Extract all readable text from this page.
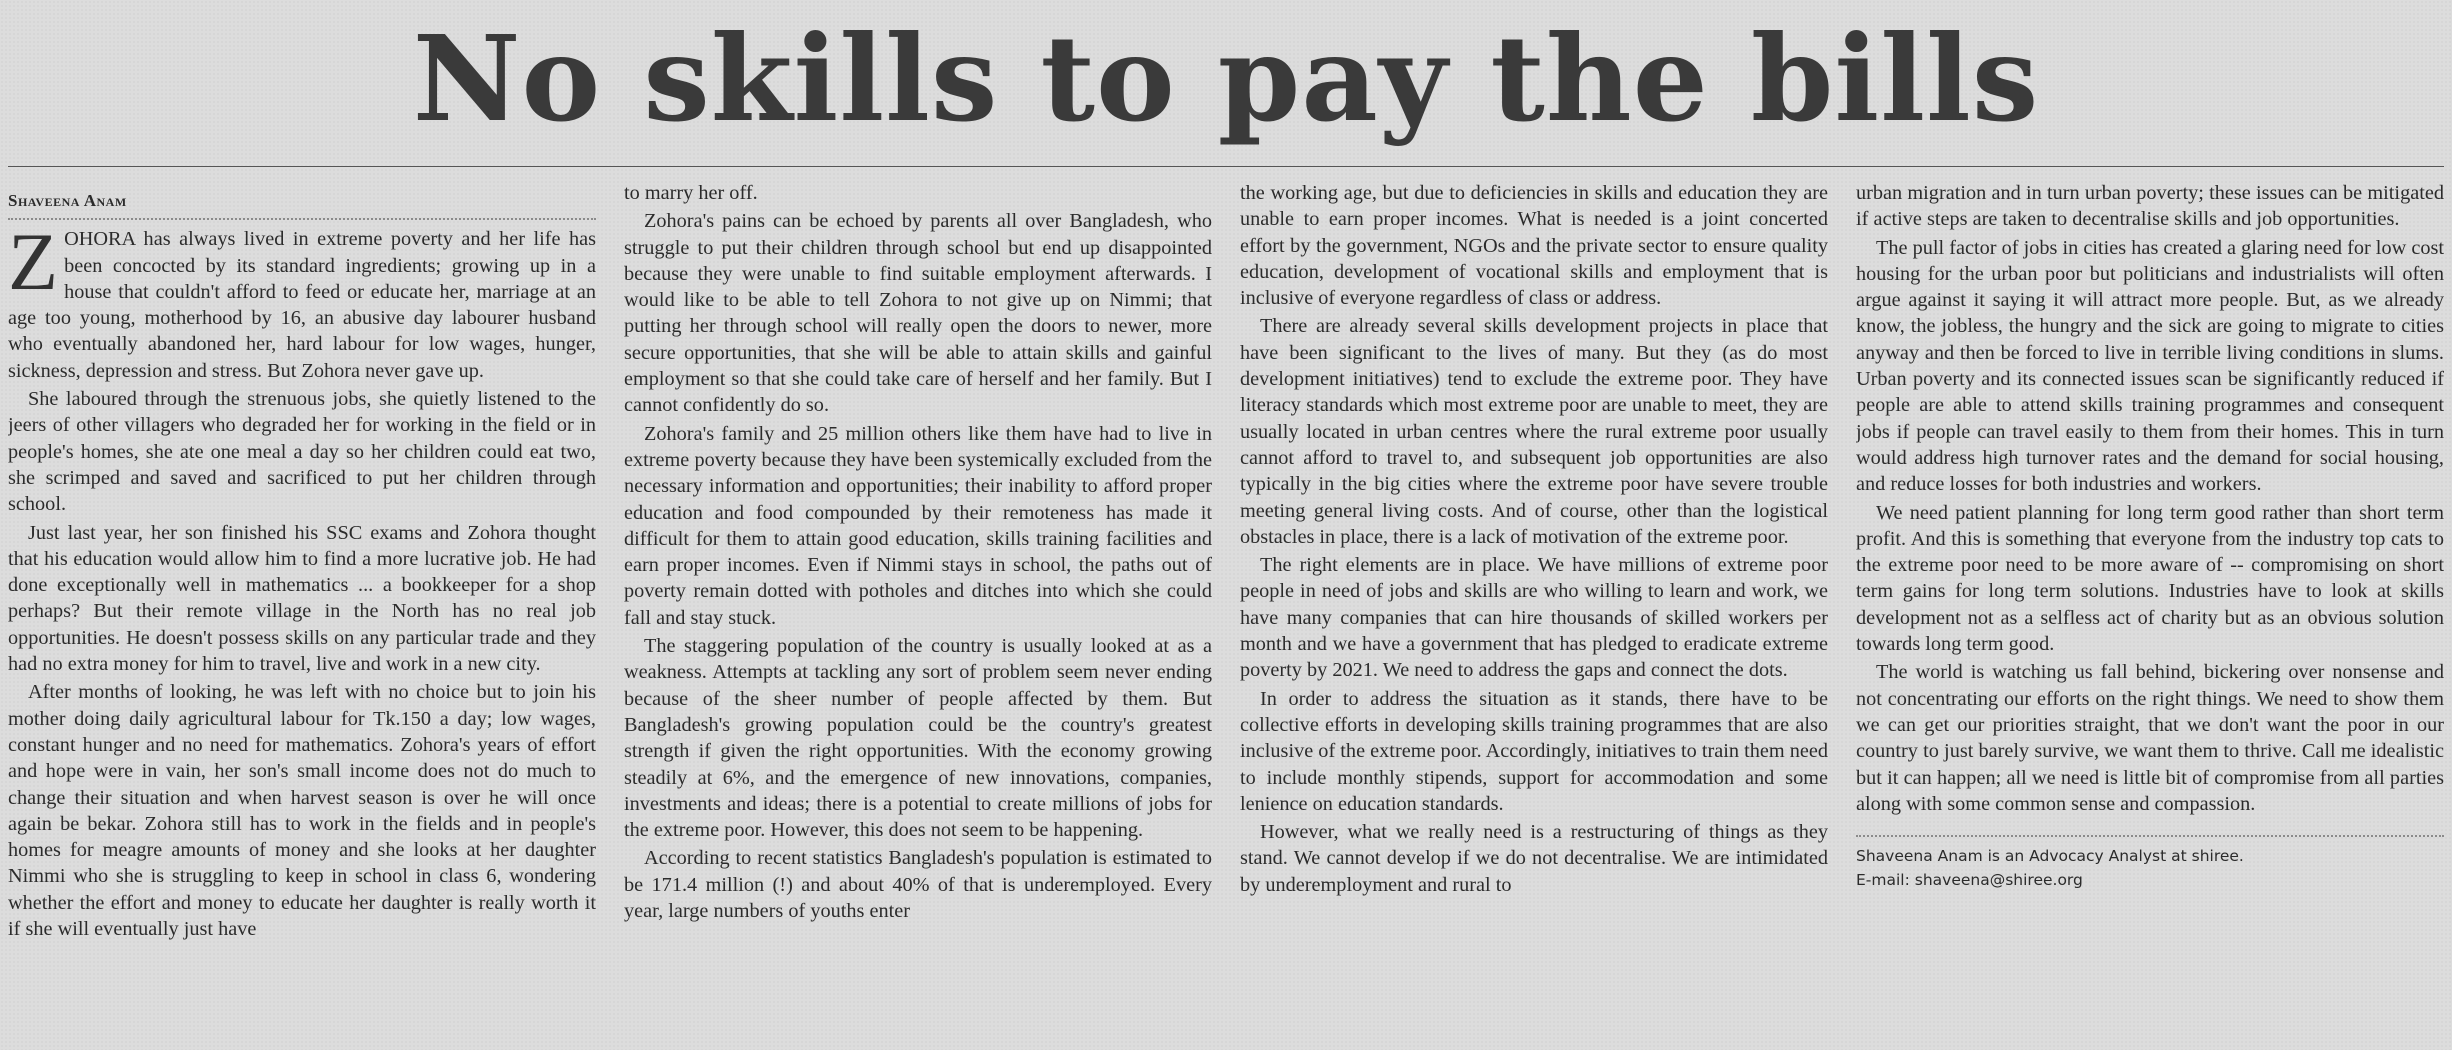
No skills to pay the bills
Shaveena Anam

ZOHORA has always lived in extreme poverty and her life has been concocted by its standard ingredients; growing up in a house that couldn't afford to feed or educate her, marriage at an age too young, motherhood by 16, an abusive day labourer husband who eventually abandoned her, hard labour for low wages, hunger, sickness, depression and stress. But Zohora never gave up.

She laboured through the strenuous jobs, she quietly listened to the jeers of other villagers who degraded her for working in the field or in people's homes, she ate one meal a day so her children could eat two, she scrimped and saved and sacrificed to put her children through school.

Just last year, her son finished his SSC exams and Zohora thought that his education would allow him to find a more lucrative job. He had done exceptionally well in mathematics ... a bookkeeper for a shop perhaps? But their remote village in the North has no real job opportunities. He doesn't possess skills on any particular trade and they had no extra money for him to travel, live and work in a new city.

After months of looking, he was left with no choice but to join his mother doing daily agricultural labour for Tk.150 a day; low wages, constant hunger and no need for mathematics. Zohora's years of effort and hope were in vain, her son's small income does not do much to change their situation and when harvest season is over he will once again be bekar. Zohora still has to work in the fields and in people's homes for meagre amounts of money and she looks at her daughter Nimmi who she is struggling to keep in school in class 6, wondering whether the effort and money to educate her daughter is really worth it if she will eventually just have

to marry her off.

Zohora's pains can be echoed by parents all over Bangladesh, who struggle to put their children through school but end up disappointed because they were unable to find suitable employment afterwards. I would like to be able to tell Zohora to not give up on Nimmi; that putting her through school will really open the doors to newer, more secure opportunities, that she will be able to attain skills and gainful employment so that she could take care of herself and her family. But I cannot confidently do so.

Zohora's family and 25 million others like them have had to live in extreme poverty because they have been systemically excluded from the necessary information and opportunities; their inability to afford proper education and food compounded by their remoteness has made it difficult for them to attain good education, skills training facilities and earn proper incomes. Even if Nimmi stays in school, the paths out of poverty remain dotted with potholes and ditches into which she could fall and stay stuck.

The staggering population of the country is usually looked at as a weakness. Attempts at tackling any sort of problem seem never ending because of the sheer number of people affected by them. But Bangladesh's growing population could be the country's greatest strength if given the right opportunities. With the economy growing steadily at 6%, and the emergence of new innovations, companies, investments and ideas; there is a potential to create millions of jobs for the extreme poor. However, this does not seem to be happening.

According to recent statistics Bangladesh's population is estimated to be 171.4 million (!) and about 40% of that is underemployed. Every year, large numbers of youths enter

the working age, but due to deficiencies in skills and education they are unable to earn proper incomes. What is needed is a joint concerted effort by the government, NGOs and the private sector to ensure quality education, development of vocational skills and employment that is inclusive of everyone regardless of class or address.

There are already several skills development projects in place that have been significant to the lives of many. But they (as do most development initiatives) tend to exclude the extreme poor. They have literacy standards which most extreme poor are unable to meet, they are usually located in urban centres where the rural extreme poor usually cannot afford to travel to, and subsequent job opportunities are also typically in the big cities where the extreme poor have severe trouble meeting general living costs. And of course, other than the logistical obstacles in place, there is a lack of motivation of the extreme poor.

The right elements are in place. We have millions of extreme poor people in need of jobs and skills are who willing to learn and work, we have many companies that can hire thousands of skilled workers per month and we have a government that has pledged to eradicate extreme poverty by 2021. We need to address the gaps and connect the dots.

In order to address the situation as it stands, there have to be collective efforts in developing skills training programmes that are also inclusive of the extreme poor. Accordingly, initiatives to train them need to include monthly stipends, support for accommodation and some lenience on education standards.

However, what we really need is a restructuring of things as they stand. We cannot develop if we do not decentralise. We are intimidated by underemployment and rural to

urban migration and in turn urban poverty; these issues can be mitigated if active steps are taken to decentralise skills and job opportunities.

The pull factor of jobs in cities has created a glaring need for low cost housing for the urban poor but politicians and industrialists will often argue against it saying it will attract more people. But, as we already know, the jobless, the hungry and the sick are going to migrate to cities anyway and then be forced to live in terrible living conditions in slums. Urban poverty and its connected issues scan be significantly reduced if people are able to attend skills training programmes and consequent jobs if people can travel easily to them from their homes. This in turn would address high turnover rates and the demand for social housing, and reduce losses for both industries and workers.

We need patient planning for long term good rather than short term profit. And this is something that everyone from the industry top cats to the extreme poor need to be more aware of -- compromising on short term gains for long term solutions. Industries have to look at skills development not as a selfless act of charity but as an obvious solution towards long term good.

The world is watching us fall behind, bickering over nonsense and not concentrating our efforts on the right things. We need to show them we can get our priorities straight, that we don't want the poor in our country to just barely survive, we want them to thrive. Call me idealistic but it can happen; all we need is little bit of compromise from all parties along with some common sense and compassion.

Shaveena Anam is an Advocacy Analyst at shiree.

E-mail: shaveena@shiree.org
